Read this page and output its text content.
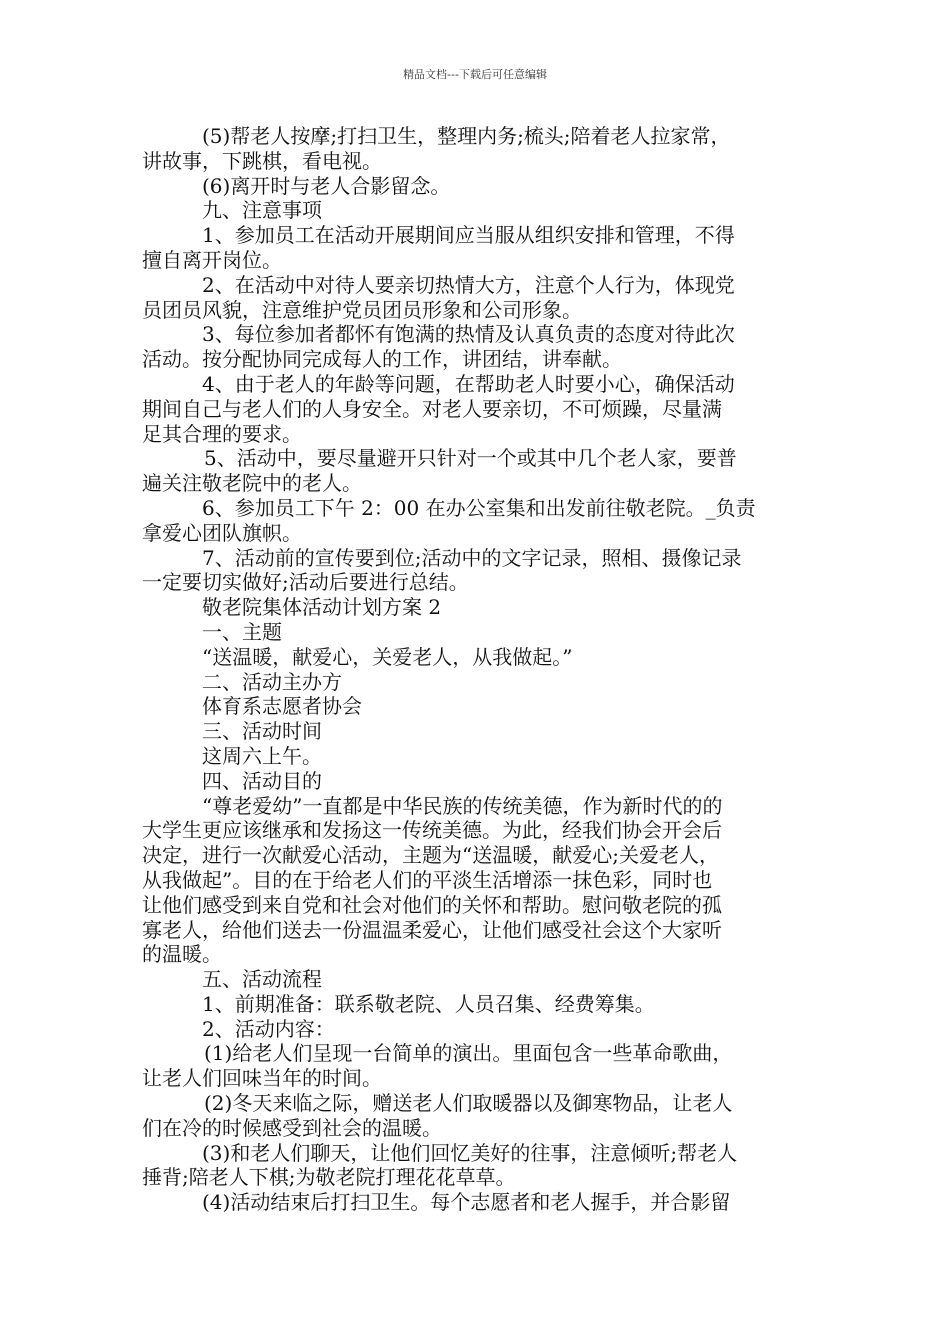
精品文档---下载后可任意编辑
(5)帮老人按摩;打扫卫生，整理内务;梳头;陪着老人拉家常，
讲故事，下跳棋，看电视。
(6)离开时与老人合影留念。
九、注意事项
1、参加员工在活动开展期间应当服从组织安排和管理，不得
擅自离开岗位。
2、在活动中对待人要亲切热情大方，注意个人行为，体现党
员团员风貌，注意维护党员团员形象和公司形象。
3、每位参加者都怀有饱满的热情及认真负责的态度对待此次
活动。按分配协同完成每人的工作，讲团结，讲奉献。
4、由于老人的年龄等问题，在帮助老人时要小心，确保活动
期间自己与老人们的人身安全。对老人要亲切，不可烦躁，尽量满
足其合理的要求。
5、活动中，要尽量避开只针对一个或其中几个老人家，要普
遍关注敬老院中的老人。
6、参加员工下午 2：00 在办公室集和出发前往敬老院。_负责
拿爱心团队旗帜。
7、活动前的宣传要到位;活动中的文字记录，照相、摄像记录
一定要切实做好;活动后要进行总结。
敬老院集体活动计划方案 2
一、主题
“送温暖，献爱心，关爱老人，从我做起。”
二、活动主办方
体育系志愿者协会
三、活动时间
这周六上午。
四、活动目的
“尊老爱幼”一直都是中华民族的传统美德，作为新时代的的
大学生更应该继承和发扬这一传统美德。为此，经我们协会开会后
决定，进行一次献爱心活动，主题为“送温暖，献爱心;关爱老人，
从我做起”。目的在于给老人们的平淡生活增添一抹色彩，同时也
让他们感受到来自党和社会对他们的关怀和帮助。慰问敬老院的孤
寡老人，给他们送去一份温温柔爱心，让他们感受社会这个大家听
的温暖。
五、活动流程
1、前期准备：联系敬老院、人员召集、经费筹集。
2、活动内容：
(1)给老人们呈现一台简单的演出。里面包含一些革命歌曲，
让老人们回味当年的时间。
(2)冬天来临之际，赠送老人们取暖器以及御寒物品，让老人
们在冷的时候感受到社会的温暖。
(3)和老人们聊天，让他们回忆美好的往事，注意倾听;帮老人
捶背;陪老人下棋;为敬老院打理花花草草。
(4)活动结束后打扫卫生。每个志愿者和老人握手，并合影留
